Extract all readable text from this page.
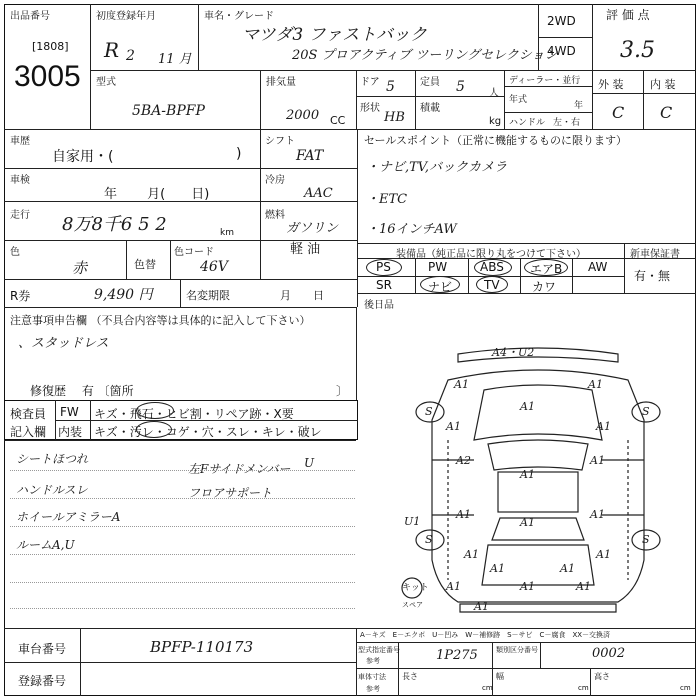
出品番号
[1808]
3005
初度登録年月
R 2 11 月
車名・グレード
マツダ3 ファストバック
20S プロアクティブ ツーリングセレクション
2WD
4WD
評 価 点
3.5
外 装 内 装
C C
型式
5BA-BPFP
排気量
2000 CC
ドア 5	定員 5 人
形状
HB
積載
kg
ディーラー・並行
年式
年
ハンドル 左・右
車歴
自家用・(	)
シフト
FAT
車検
年 　　月(　　日)
冷房
AAC
走行 8万8千6 5 2	km
燃料
ガソリン
軽 油
色
赤	色替
色コード
46V
R券	9,490 円	名変期限	月　　日
セールスポイント（正常に機能するものに限ります）
・ナビ,TV,バックカメラ
・ETC
・16インチAW
装備品（純正品に限り丸をつけて下さい）	新車保証書
有・無
PS	PW	ABS エアB AW
SR	ナビ	TV	カワ
後日品
注意事項申告欄 （不具合内容等は具体的に記入して下さい）
、スタッドレス
修復歴 　有 〔箇所	〕
検査員
記入欄
FW キズ・飛石・ヒビ割・リペア跡・X要
内装 キズ・汚レ・コゲ・穴・スレ・キレ・破レ
シートほつれ
ハンドルスレ
ホイールアミラーA
ルームA,U
左Fサイドメンバー
フロアサポート
U
A4・U2
A1	A1
A1
A1	A1
A2
A1
A1
A1	A1
A1
A1	A1
A1	A1
A1	A1	A1
A1
U1
S	S
S	S
キット
スペア
車台番号	BPFP-110173
登録番号
A－キズ　E－エクボ　U－凹み　W－補修跡　S－サビ　C－腐食　XX－交換済
型式指定番号
参考	1P275	類別区分番号	0002
車体寸法
参考
長さ
cm
幅
cm
高さ
cm
